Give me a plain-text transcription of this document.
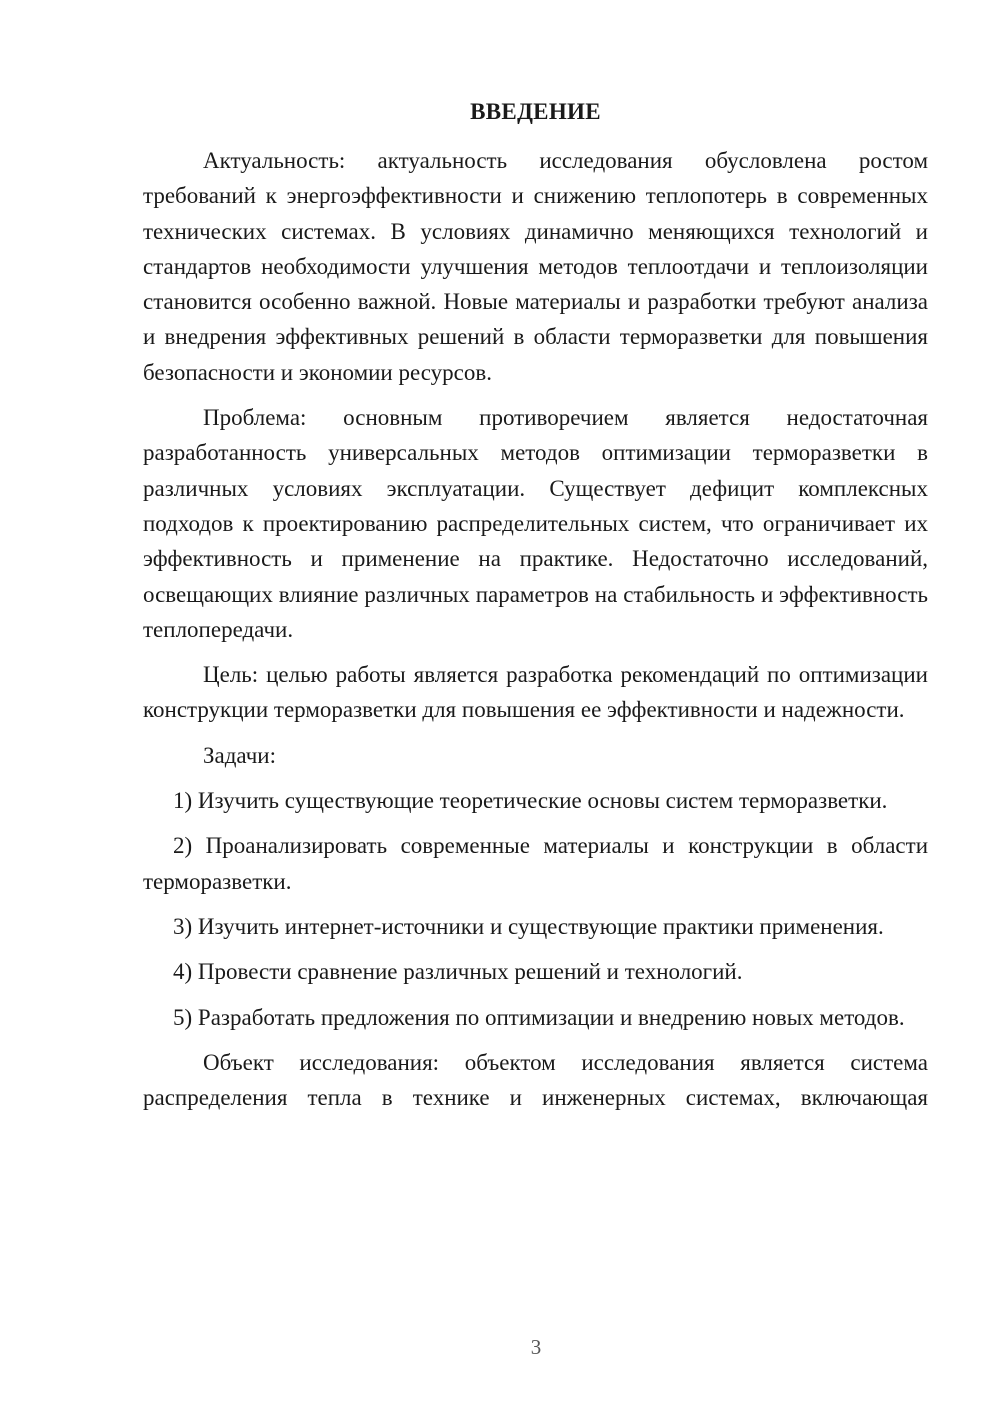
ВВЕДЕНИЕ

Актуальность: актуальность исследования обусловлена ростом требований к энергоэффективности и снижению теплопотерь в современных технических системах. В условиях динамично меняющихся технологий и стандартов необходимости улучшения методов теплоотдачи и теплоизоляции становится особенно важной. Новые материалы и разработки требуют анализа и внедрения эффективных решений в области терморазветки для повышения безопасности и экономии ресурсов.

Проблема: основным противоречием является недостаточная разработанность универсальных методов оптимизации терморазветки в различных условиях эксплуатации. Существует дефицит комплексных подходов к проектированию распределительных систем, что ограничивает их эффективность и применение на практике. Недостаточно исследований, освещающих влияние различных параметров на стабильность и эффективность теплопередачи.

Цель: целью работы является разработка рекомендаций по оптимизации конструкции терморазветки для повышения ее эффективности и надежности.

Задачи:

1) Изучить существующие теоретические основы систем терморазветки.

2) Проанализировать современные материалы и конструкции в области терморазветки.

3) Изучить интернет-источники и существующие практики применения.

4) Провести сравнение различных решений и технологий.

5) Разработать предложения по оптимизации и внедрению новых методов.

Объект исследования: объектом исследования является система распределения тепла в технике и инженерных системах, включающая

3
